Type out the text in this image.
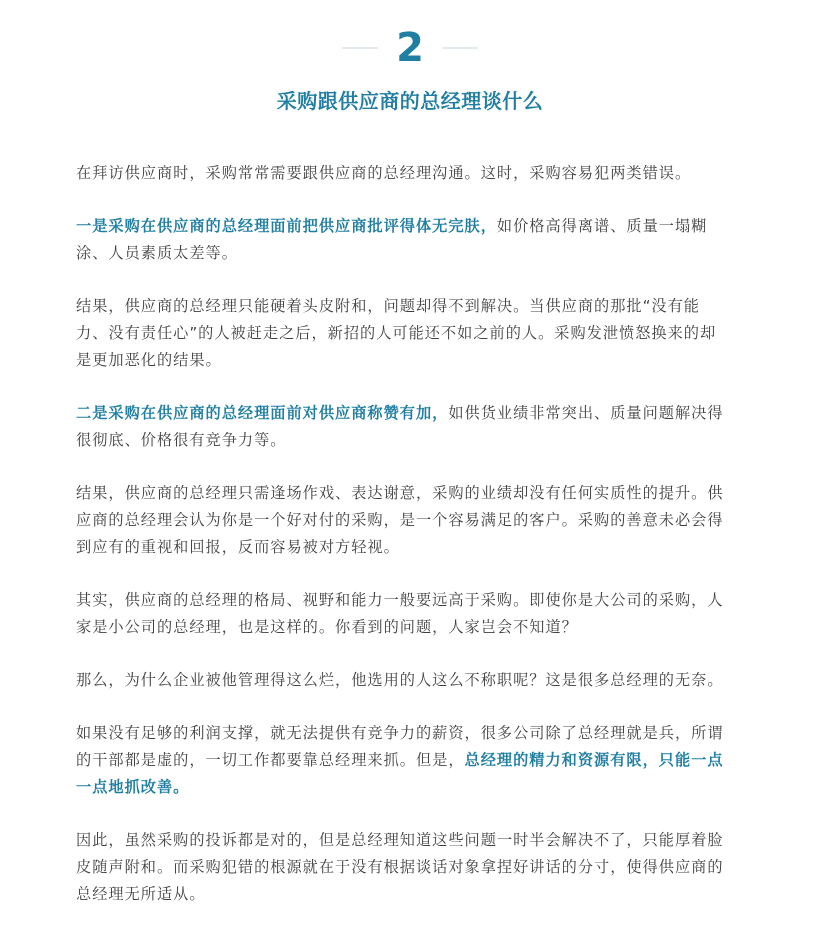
2
采购跟供应商的总经理谈什么

在拜访供应商时，采购常常需要跟供应商的总经理沟通。这时，采购容易犯两类错误。

一是采购在供应商的总经理面前把供应商批评得体无完肤，如价格高得离谱、质量一塌糊涂、人员素质太差等。

结果，供应商的总经理只能硬着头皮附和，问题却得不到解决。当供应商的那批“没有能力、没有责任心”的人被赶走之后，新招的人可能还不如之前的人。采购发泄愤怒换来的却是更加恶化的结果。

二是采购在供应商的总经理面前对供应商称赞有加，如供货业绩非常突出、质量问题解决得很彻底、价格很有竞争力等。

结果，供应商的总经理只需逢场作戏、表达谢意，采购的业绩却没有任何实质性的提升。供应商的总经理会认为你是一个好对付的采购，是一个容易满足的客户。采购的善意未必会得到应有的重视和回报，反而容易被对方轻视。

其实，供应商的总经理的格局、视野和能力一般要远高于采购。即使你是大公司的采购，人家是小公司的总经理，也是这样的。你看到的问题，人家岂会不知道？

那么，为什么企业被他管理得这么烂，他选用的人这么不称职呢？这是很多总经理的无奈。

如果没有足够的利润支撑，就无法提供有竞争力的薪资，很多公司除了总经理就是兵，所谓的干部都是虚的，一切工作都要靠总经理来抓。但是，总经理的精力和资源有限，只能一点一点地抓改善。

因此，虽然采购的投诉都是对的，但是总经理知道这些问题一时半会解决不了，只能厚着脸皮随声附和。而采购犯错的根源就在于没有根据谈话对象拿捏好讲话的分寸，使得供应商的总经理无所适从。
